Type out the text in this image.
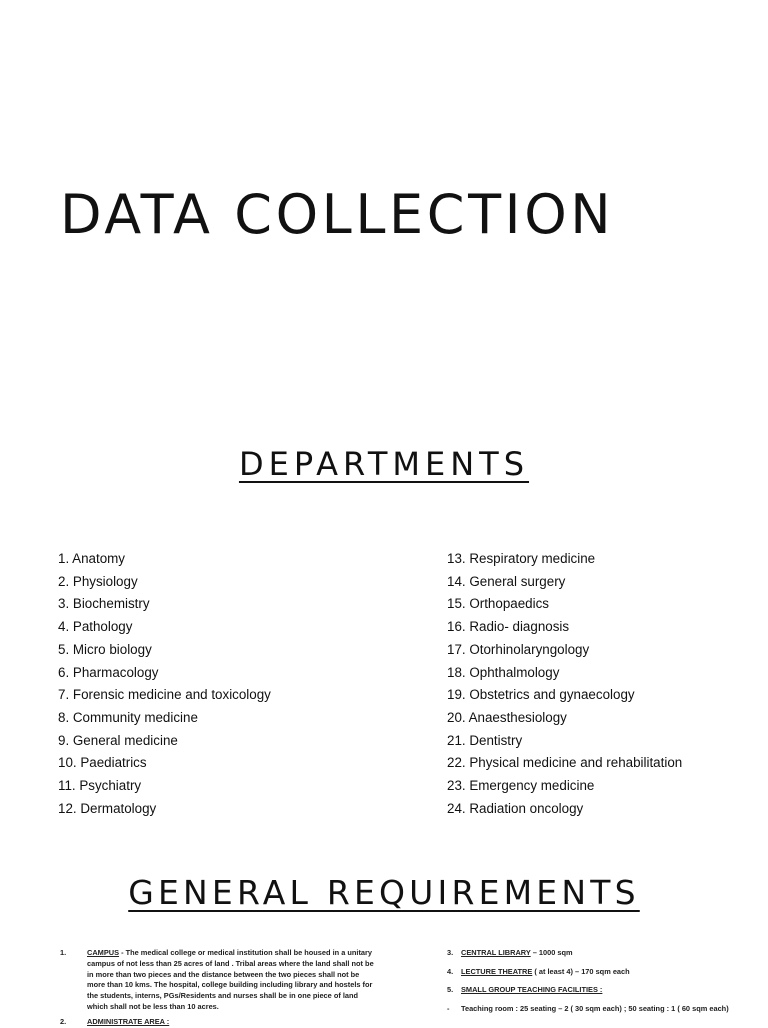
DATA COLLECTION
DEPARTMENTS
1. Anatomy
2. Physiology
3. Biochemistry
4. Pathology
5. Micro biology
6. Pharmacology
7. Forensic medicine and toxicology
8. Community medicine
9. General medicine
10. Paediatrics
11. Psychiatry
12. Dermatology
13. Respiratory medicine
14. General surgery
15. Orthopaedics
16. Radio- diagnosis
17. Otorhinolaryngology
18. Ophthalmology
19. Obstetrics and gynaecology
20. Anaesthesiology
21. Dentistry
22. Physical medicine and rehabilitation
23. Emergency medicine
24. Radiation oncology
GENERAL REQUIREMENTS
1.	CAMPUS - The medical college or medical institution shall be housed in a unitary campus of not less than 25 acres of land . Tribal areas where the land shall not be in more than two pieces and the distance between the two pieces shall not be more than 10 kms. The hospital, college building including library and hostels for the students, interns, PGs/Residents and nurses shall be in one piece of land which shall not be less than 10 acres.
2.	ADMINISTRATE AREA :
3. CENTRAL LIBRARY – 1000 sqm
4. LECTURE THEATRE ( at least 4) – 170 sqm each
5. SMALL GROUP TEACHING FACILITIES :
- Teaching room : 25 seating – 2 ( 30 sqm each) ; 50 seating : 1 ( 60 sqm each)
